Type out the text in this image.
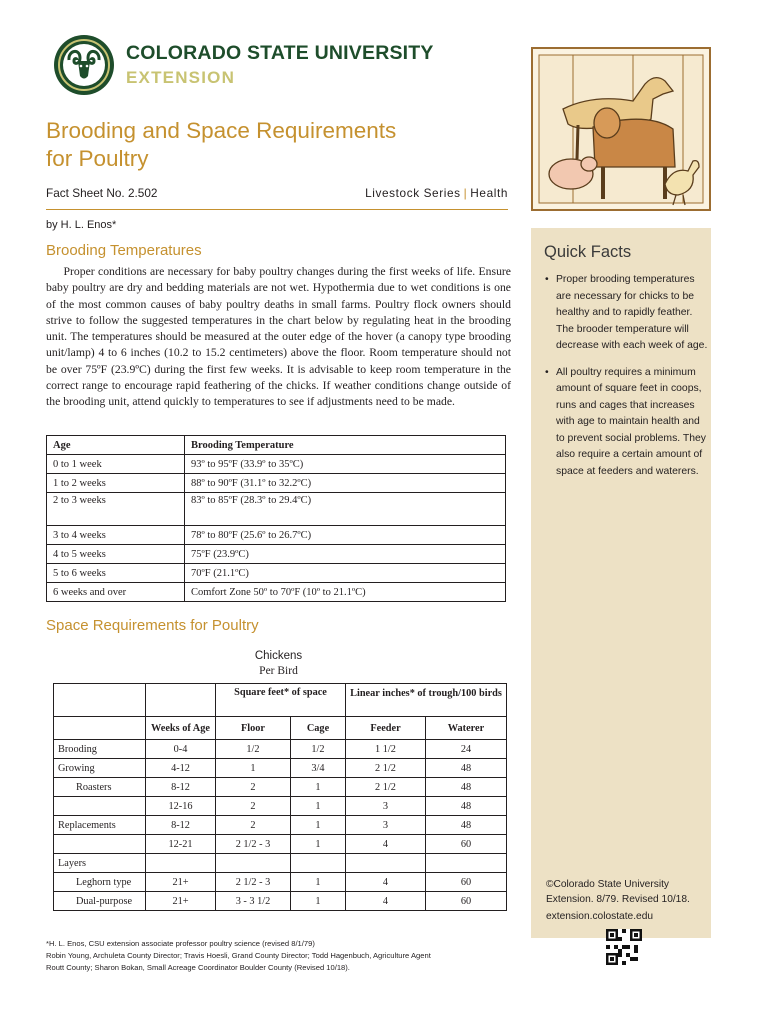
COLORADO STATE UNIVERSITY
EXTENSION
Brooding and Space Requirements
for Poultry
Fact Sheet No. 2.502	Livestock Series | Health
by H. L. Enos*
Quick Facts
• Proper brooding temperatures are necessary for chicks to be healthy and to rapidly feather. The brooder temperature will decrease with each week of age.
• All poultry requires a minimum amount of square feet in coops, runs and cages that increases with age to maintain health and to prevent social problems. They also require a certain amount of space at feeders and waterers.
©Colorado State University Extension. 8/79. Revised 10/18.
extension.colostate.edu
Brooding Temperatures

  Proper conditions are necessary for baby poultry changes during the first weeks of life. Ensure baby poultry are dry and bedding materials are not wet. Hypothermia due to wet conditions is one of the most common causes of baby poultry deaths in small farms. Poultry flock owners should strive to follow the suggested temperatures in the chart below by regulating heat in the brooding unit. The temperatures should be measured at the outer edge of the hover (a canopy type brooding unit/lamp) 4 to 6 inches (10.2 to 15.2 centimeters) above the floor. Room temperature should not be over 75ºF (23.9ºC) during the first few weeks. It is advisable to keep room temperature in the correct range to encourage rapid feathering of the chicks. If weather conditions change outside of the brooding unit, attend quickly to temperatures to see if adjustments need to be made.

Age	Brooding Temperature
0 to 1 week	93º to 95ºF (33.9º to 35ºC)
1 to 2 weeks	88º to 90ºF (31.1º to 32.2ºC)
2 to 3 weeks	83º to 85ºF (28.3º to 29.4ºC)
3 to 4 weeks	78º to 80ºF (25.6º to 26.7ºC)
4 to 5 weeks	75ºF (23.9ºC)
5 to 6 weeks	70ºF (21.1ºC)
6 weeks and over	Comfort Zone 50º to 70ºF (10º to 21.1ºC)
Space Requirements for Poultry
Chickens
Per Bird
		Square feet* of space		Linear inches* of trough/100 birds	
	Weeks of Age	Floor	Cage	Feeder	Waterer
Brooding	0-4	1/2	1/2	1 1/2	24
Growing	4-12	1	3/4	2 1/2	48
Roasters	8-12	2	1	2 1/2	48
	12-16	2	1	3	48
Replacements	8-12	2	1	3	48
	12-21	2 1/2 - 3	1	4	60
Layers					
Leghorn type	21+	2 1/2 - 3	1	4	60
Dual-purpose	21+	3 - 3 1/2	1	4	60
*H. L. Enos, CSU extension associate professor poultry science (revised 8/1/79)
Robin Young, Archuleta County Director; Travis Hoesli, Grand County Director; Todd Hagenbuch, Agriculture Agent
Routt County; Sharon Bokan, Small Acreage Coordinator Boulder County (Revised 10/18).
